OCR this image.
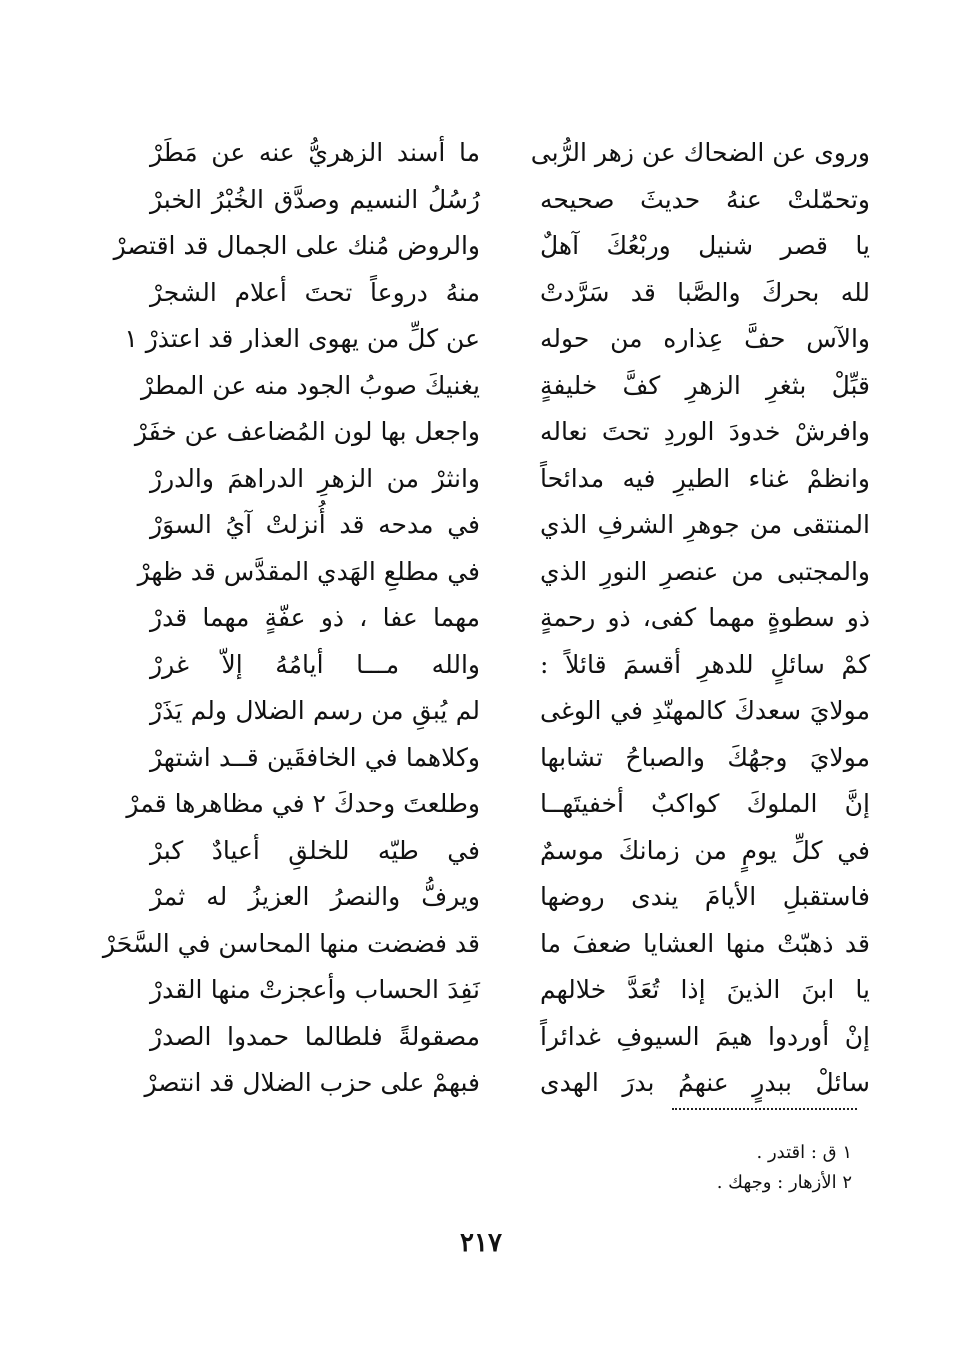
وروى عن الضحاك عن زهر الرُّبى
ما أسند الزهريُّ عنه عن مَطَرْ
وتحمّلتْ عنهُ حديثَ صحيحه
رُسُلُ النسيم وصدَّق الخُبْرُ الخبرْ
يا قصر شنيل وربْعُكَ آهلٌ
والروض مُنك على الجمال قد اقتصرْ
لله بحركَ والصَّبا قد سَرَّدتْ
منهُ دروعاً تحتَ أعلام الشجرْ
والآس حفَّ عِذاره من حوله
عن كلِّ من يهوى العذار قد اعتذرْ ١
قبِّلْ بثغرِ الزهرِ كفَّ خليفةٍ
يغنيكَ صوبُ الجود منه عن المطرْ
وافرشْ خدودَ الوردِ تحتَ نعاله
واجعل بها لون المُضاعف عن خفَرْ
وانظمْ غناء الطيرِ فيه مدائحاً
وانثرْ من الزهرِ الدراهمَ والدررْ
المنتقى من جوهرِ الشرفِ الذي
في مدحه قد أُنزلتْ آيُ السوَرْ
والمجتبى من عنصرِ النورِ الذي
في مطلعِ الهَدي المقدَّس قد ظهرْ
ذو سطوةٍ مهما كفى، ذو رحمةٍ
مهما عفا ، ذو عفّةٍ مهما قدرْ
كمْ سائلٍ للدهرِ أقسمَ قائلاً :
والله مـــا أيامُهُ إلاّ غررْ
مولايَ سعدكَ كالمهنّدِ في الوغى
لم يُبقِ من رسم الضلال ولم يَذَرْ
مولايَ وجهُكَ والصباحُ تشابها
وكلاهما في الخافقَين قــد اشتهرْ
إنَّ الملوكَ كواكبٌ أخفيتَهــا
وطلعتَ وحدكَ ٢ في مظاهرها قمرْ
في كلِّ يومٍ من زمانكَ موسمٌ
في طيّه للخلقِ أعيادٌ كبرْ
فاستقبلِ الأيامَ يندى روضها
ويرفُّ والنصرُ العزيزُ له ثمرْ
قد ذهبّتْ منها العشايا ضعفَ ما
قد فضضت منها المحاسن في السَّحَرْ
يا ابنَ الذينَ إذا تُعَدَّ خلالهم
نَفِدَ الحساب وأعجزتْ منها القدرْ
إنْ أوردوا هيمَ السيوفِ غدائراً
مصقولةً فلطالما حمدوا الصدرْ
سائلْ ببدرٍ عنهمُ بدرَ الهدى
فبهمْ على حزب الضلال قد انتصرْ
١ ق : اقتدر .
٢ الأزهار : وجهك .
٢١٧
